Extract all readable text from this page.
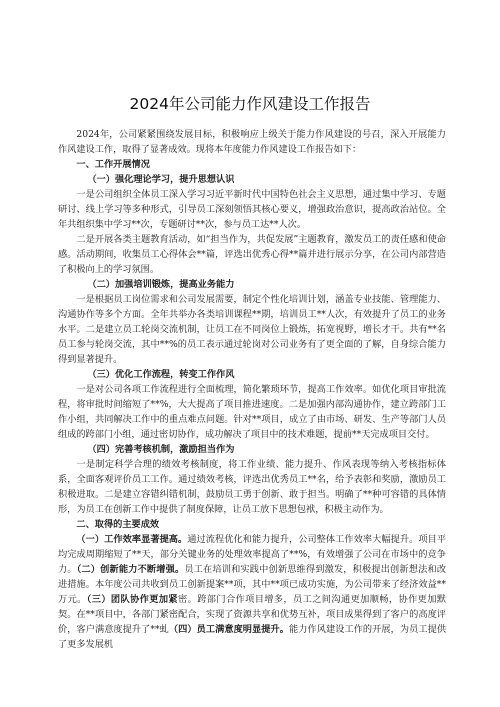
2024年公司能力作风建设工作报告

2024年，公司紧紧围绕发展目标，积极响应上级关于能力作风建设的号召，深入开展能力作风建设工作，取得了显著成效。现将本年度能力作风建设工作报告如下：

一、工作开展情况
（一）强化理论学习，提升思想认识

一是公司组织全体员工深入学习习近平新时代中国特色社会主义思想，通过集中学习、专题研讨、线上学习等多种形式，引导员工深刻领悟其核心要义，增强政治意识，提高政治站位。全年共组织集中学习**次，专题研讨**次，参与员工达**人次。

二是开展各类主题教育活动，如“担当作为，共促发展”主题教育，激发员工的责任感和使命感。活动期间，收集员工心得体会**篇，评选出优秀心得**篇并进行展示分享，在公司内部营造了积极向上的学习氛围。

（二）加强培训锻炼，提高业务能力

一是根据员工岗位需求和公司发展需要，制定个性化培训计划，涵盖专业技能、管理能力、沟通协作等多个方面。全年共举办各类培训课程**期，培训员工**人次，有效提升了员工的业务水平。二是建立员工轮岗交流机制，让员工在不同岗位上锻炼，拓宽视野，增长才干。共有**名员工参与轮岗交流，其中**%的员工表示通过轮岗对公司业务有了更全面的了解，自身综合能力得到显著提升。

（三）优化工作流程，转变工作作风

一是对公司各项工作流程进行全面梳理，简化繁琐环节，提高工作效率。如优化项目审批流程，将审批时间缩短了**%，大大提高了项目推进速度。二是加强内部沟通协作，建立跨部门工作小组，共同解决工作中的重点难点问题。针对**项目，成立了由市场、研发、生产等部门人员组成的跨部门小组，通过密切协作，成功解决了项目中的技术难题，提前**天完成项目交付。

（四）完善考核机制，激励担当作为

一是制定科学合理的绩效考核制度，将工作业绩、能力提升、作风表现等纳入考核指标体系，全面客观评价员工工作。通过绩效考核，评选出优秀员工**名，给予表彰和奖励，激励员工积极进取。二是建立容错纠错机制，鼓励员工勇于创新、敢于担当。明确了**种可容错的具体情形，为员工在创新工作中提供了制度保障，让员工放下思想包袱，积极主动作为。

二、取得的主要成效

（一）工作效率显著提高。通过流程优化和能力提升，公司整体工作效率大幅提升。项目平均完成周期缩短了**天，部分关键业务的处理效率提高了**%，有效增强了公司在市场中的竞争力。（二）创新能力不断增强。员工在培训和实践中创新思维得到激发，积极提出创新想法和改进措施。本年度公司共收到员工创新提案**项，其中**项已成功实施，为公司带来了经济效益**万元。（三）团队协作更加紧密。跨部门合作项目增多，员工之间沟通更加顺畅，协作更加默契。在**项目中，各部门紧密配合，实现了资源共享和优势互补，项目成果得到了客户的高度评价，客户满意度提升了**虬（四）员工满意度明显提升。能力作风建设工作的开展，为员工提供了更多发展机
